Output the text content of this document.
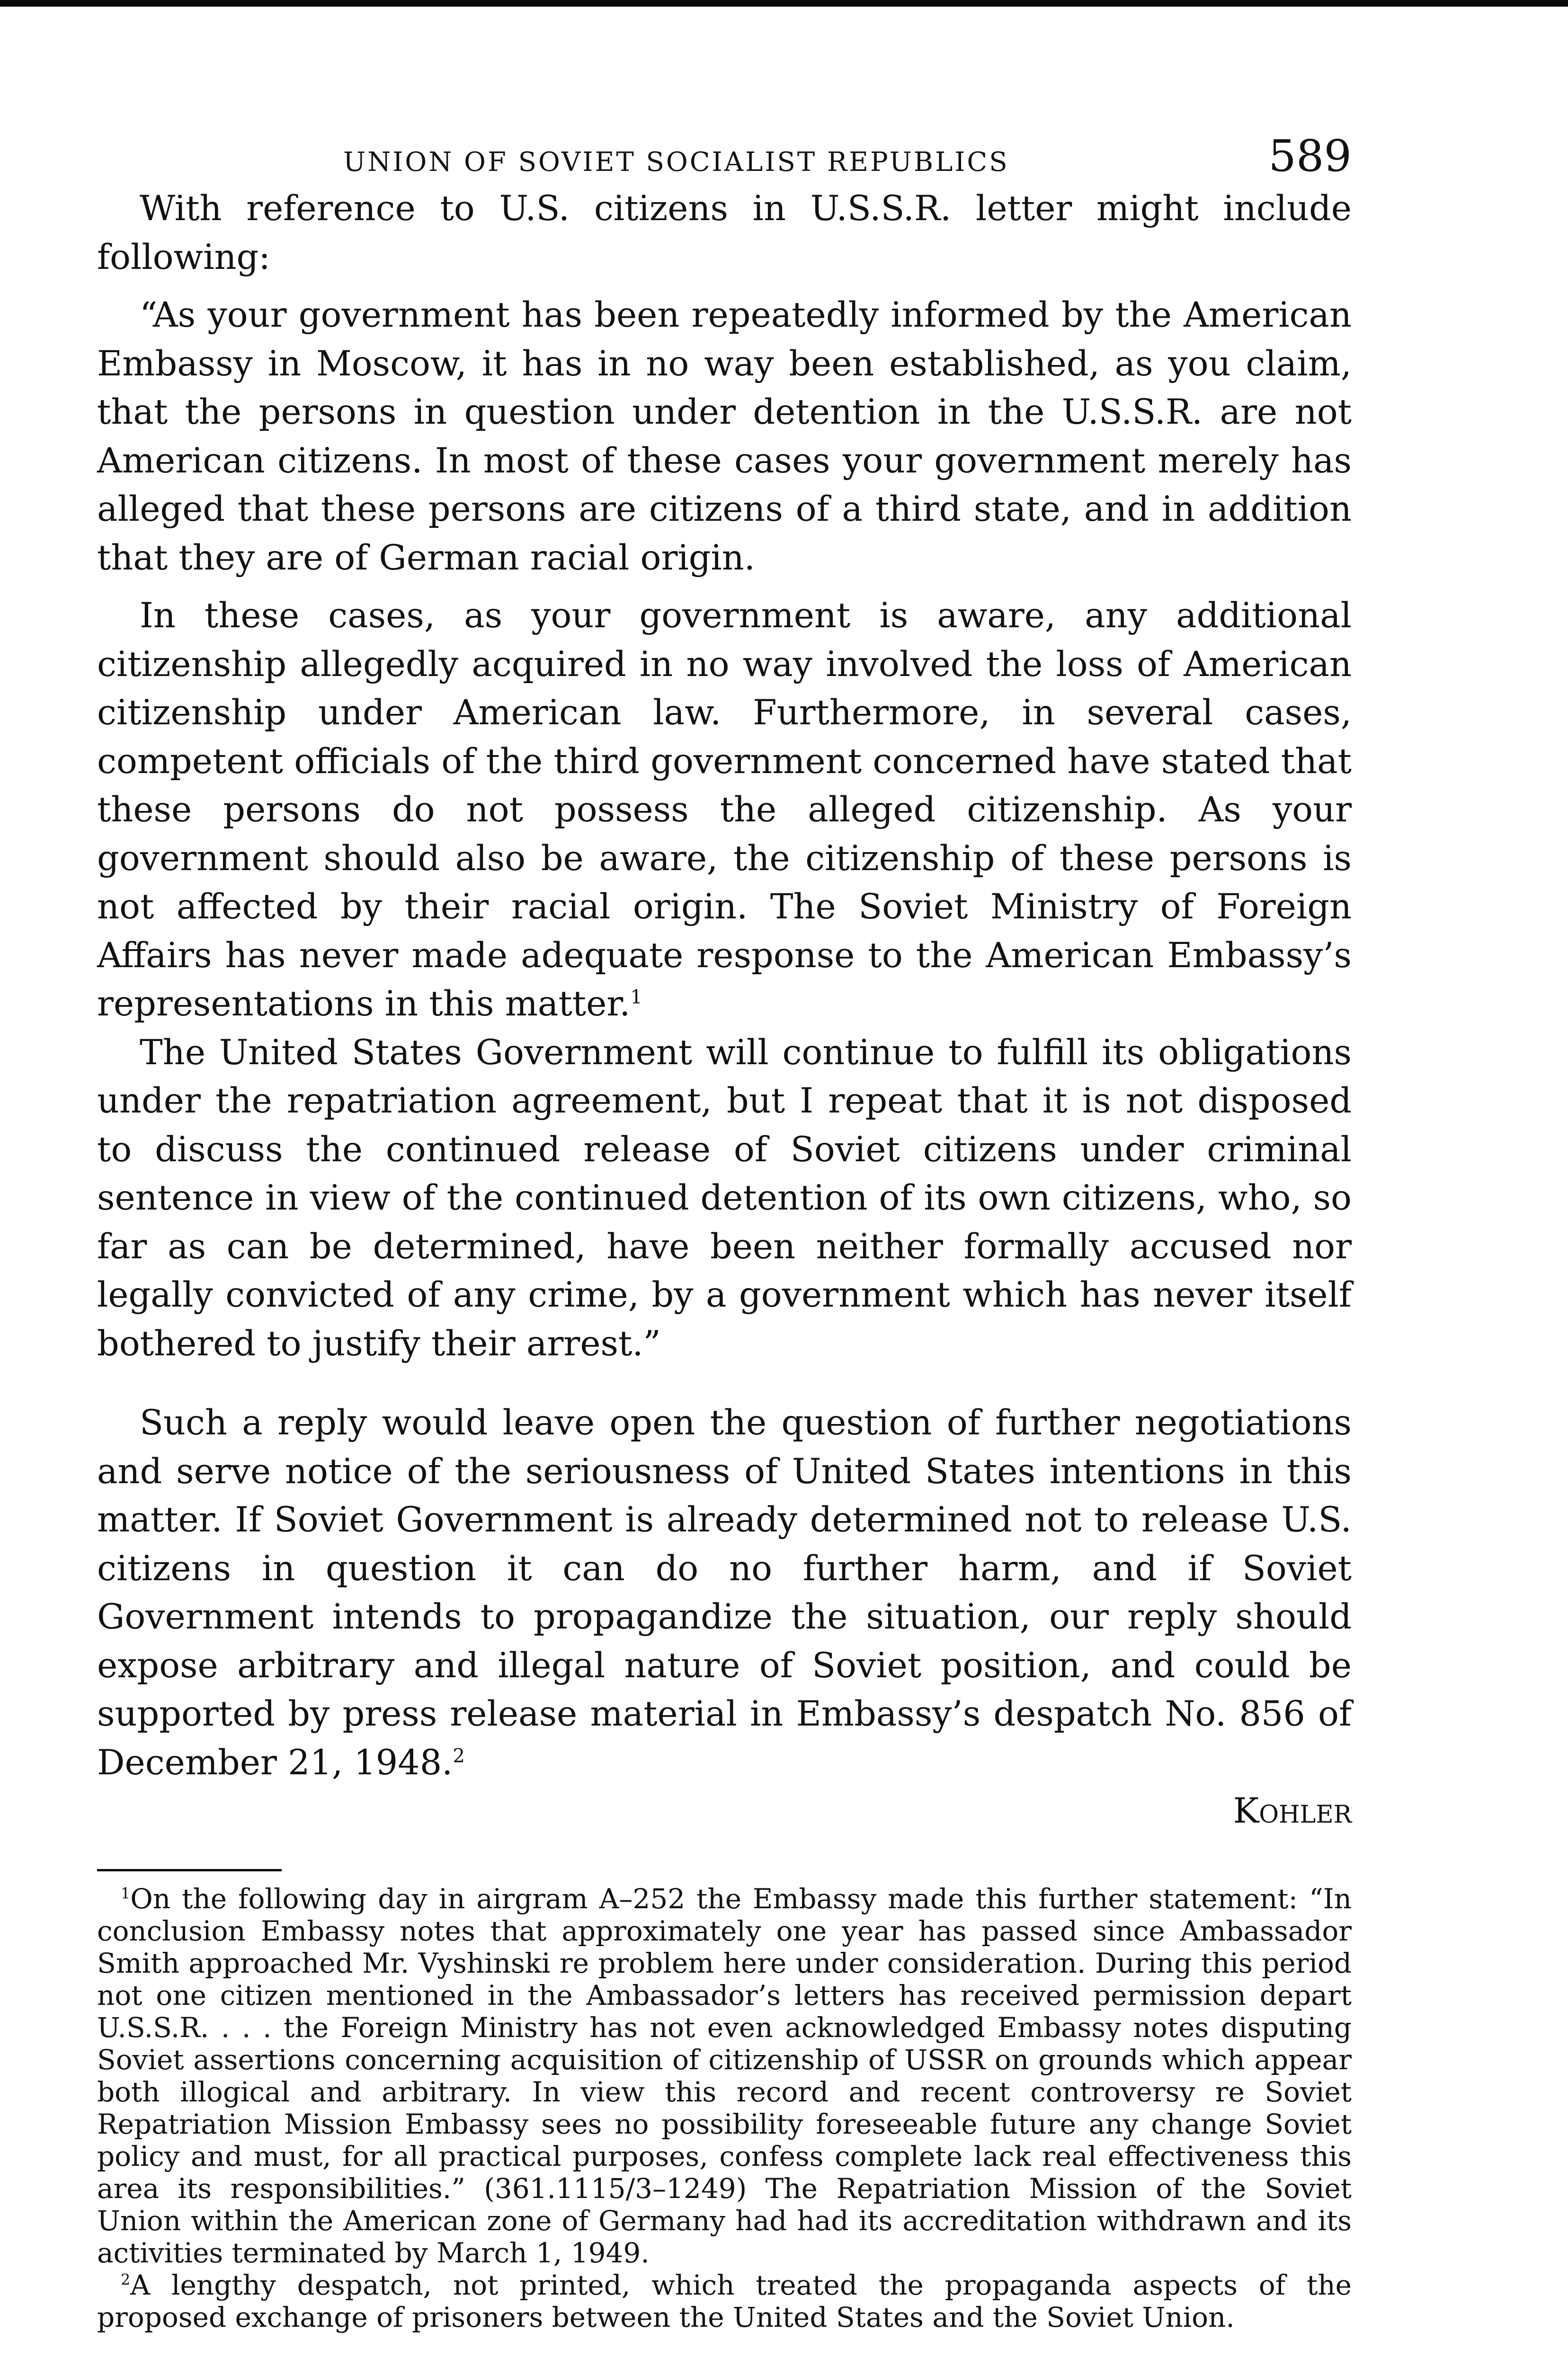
UNION OF SOVIET SOCIALIST REPUBLICS	589

With reference to U.S. citizens in U.S.S.R. letter might include following:

“As your government has been repeatedly informed by the American Embassy in Moscow, it has in no way been established, as you claim, that the persons in question under detention in the U.S.S.R. are not American citizens. In most of these cases your government merely has alleged that these persons are citizens of a third state, and in addition that they are of German racial origin.

In these cases, as your government is aware, any additional citizenship allegedly acquired in no way involved the loss of American citizenship under American law. Furthermore, in several cases, competent officials of the third government concerned have stated that these persons do not possess the alleged citizenship. As your government should also be aware, the citizenship of these persons is not affected by their racial origin. The Soviet Ministry of Foreign Affairs has never made adequate response to the American Embassy’s representations in this matter.$^1$

The United States Government will continue to fulfill its obligations under the repatriation agreement, but I repeat that it is not disposed to discuss the continued release of Soviet citizens under criminal sentence in view of the continued detention of its own citizens, who, so far as can be determined, have been neither formally accused nor legally convicted of any crime, by a government which has never itself bothered to justify their arrest.”

Such a reply would leave open the question of further negotiations and serve notice of the seriousness of United States intentions in this matter. If Soviet Government is already determined not to release U.S. citizens in question it can do no further harm, and if Soviet Government intends to propagandize the situation, our reply should expose arbitrary and illegal nature of Soviet position, and could be supported by press release material in Embassy’s despatch No. 856 of December 21, 1948.$^2$

Kohler

$^1$On the following day in airgram A–252 the Embassy made this further statement: “In conclusion Embassy notes that approximately one year has passed since Ambassador Smith approached Mr. Vyshinski re problem here under consideration. During this period not one citizen mentioned in the Ambassador’s letters has received permission depart U.S.S.R. . . . the Foreign Ministry has not even acknowledged Embassy notes disputing Soviet assertions concerning acquisition of citizenship of USSR on grounds which appear both illogical and arbitrary. In view this record and recent controversy re Soviet Repatriation Mission Embassy sees no possibility foreseeable future any change Soviet policy and must, for all practical purposes, confess complete lack real effectiveness this area its responsibilities.” (361.1115/3–1249) The Repatriation Mission of the Soviet Union within the American zone of Germany had had its accreditation withdrawn and its activities terminated by March 1, 1949.

$^2$A lengthy despatch, not printed, which treated the propaganda aspects of the proposed exchange of prisoners between the United States and the Soviet Union.
